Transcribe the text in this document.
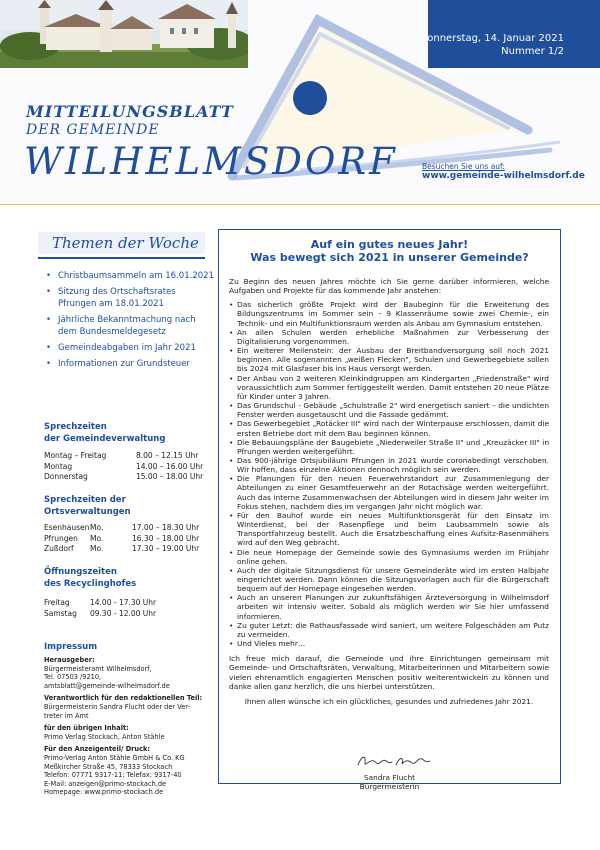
Donnerstag, 14. Januar 2021
Nummer 1/2
MITTEILUNGSBLATT
DER GEMEINDE
WILHELMSDORF	Besuchen Sie uns auf:
www.gemeinde-wilhelmsdorf.de
Themen der Woche
• Christbaumsammeln am 16.01.2021
• Sitzung des Ortschaftsrates Pfrungen am 18.01.2021
• Jährliche Bekanntmachung nach dem Bundesmeldegesetz
• Gemeindeabgaben im Jahr 2021
• Informationen zur Grundsteuer
Sprechzeiten
der Gemeindeverwaltung
Montag – Freitag	8.00 – 12.15 Uhr
Montag	14.00 – 16.00 Uhr
Donnerstag	15.00 – 18.00 Uhr
Sprechzeiten der
Ortsverwaltungen
Esenhausen Mo.	17.00 – 18.30 Uhr
Pfrungen Mo.	16.30 – 18.00 Uhr
Zußdorf Mo.	17.30 – 19.00 Uhr
Öffnungszeiten
des Recyclinghofes
Freitag	14.00 - 17.30 Uhr
Samstag 09.30 - 12.00 Uhr
Impressum
Herausgeber:
Bürgermeisteramt Wilhelmsdorf,
Tel. 07503 /9210,
amtsblatt@gemeinde-wilhelmsdorf.de
Verantwortlich für den redaktionellen Teil:
Bürgermeisterin Sandra Flucht oder der Ver-
treter im Amt
für den übrigen Inhalt:
Primo Verlag Stockach, Anton Stähle
Für den Anzeigenteil/ Druck:
Primo-Verlag Anton Stähle GmbH & Co. KG
Meßkircher Straße 45, 78333 Stockach
Telefon: 07771 9317-11; Telefax: 9317-40
E-Mail: anzeigen@primo-stockach.de
Homepage: www.primo-stockach.de
Auf ein gutes neues Jahr!
Was bewegt sich 2021 in unserer Gemeinde?

Zu Beginn des neuen Jahres möchte ich Sie gerne darüber informieren, welche Aufgaben und Projekte für das kommende Jahr anstehen:

• Das sicherlich größte Projekt wird der Baubeginn für die Erweiterung des Bildungszentrums im Sommer sein – 9 Klassenräume sowie zwei Chemie-, ein Technik- und ein Multifunktionsraum werden als Anbau am Gymnasium entstehen.
• An allen Schulen werden erhebliche Maßnahmen zur Verbesserung der Digitalisierung vorgenommen.
• Ein weiterer Meilenstein: der Ausbau der Breitbandversorgung soll noch 2021 beginnen. Alle sogenannten „weißen Flecken", Schulen und Gewerbegebiete sollen bis 2024 mit Glasfaser bis ins Haus versorgt werden.
• Der Anbau von 2 weiteren Kleinkindgruppen am Kindergarten „Friedenstraße" wird voraussichtlich zum Sommer fertiggestellt werden. Damit entstehen 20 neue Plätze für Kinder unter 3 Jahren.
• Das Grundschul - Gebäude „Schulstraße 2" wird energetisch saniert – die undichten Fenster werden ausgetauscht und die Fassade gedämmt.
• Das Gewerbegebiet „Rotäcker III" wird nach der Winterpause erschlossen, damit die ersten Betriebe dort mit dem Bau beginnen können.
• Die Bebauungspläne der Baugebiete „Niederweiler Straße II" und „Kreuzäcker III" in Pfrungen werden weitergeführt.
• Das 900-jährige Ortsjubiläum Pfrungen in 2021 wurde coronabedingt verschoben. Wir hoffen, dass einzelne Aktionen dennoch möglich sein werden.
• Die Planungen für den neuen Feuerwehrstandort zur Zusammenlegung der Abteilungen zu einer Gesamtfeuerwehr an der Rotachsäge werden weitergeführt. Auch das interne Zusammenwachsen der Abteilungen wird in diesem Jahr weiter im Fokus stehen, nachdem dies im vergangen Jahr nicht möglich war.
• Für den Bauhof wurde ein neues Multifunktionsgerät für den Einsatz im Winterdienst, bei der Rasenpflege und beim Laubsammeln sowie als Transportfahrzeug bestellt. Auch die Ersatzbeschaffung eines Aufsitz-Rasenmähers wird auf den Weg gebracht.
• Die neue Homepage der Gemeinde sowie des Gymnasiums werden im Frühjahr online gehen.
• Auch der digitale Sitzungsdienst für unsere Gemeinderäte wird im ersten Halbjahr eingerichtet werden. Dann können die Sitzungsvorlagen auch für die Bürgerschaft bequem auf der Homepage eingesehen werden.
• Auch an unseren Planungen zur zukunftsfähigen Ärzteversorgung in Wilhelmsdorf arbeiten wir intensiv weiter. Sobald als möglich werden wir Sie hier umfassend informieren.
• Zu guter Letzt: die Rathausfassade wird saniert, um weitere Folgeschäden am Putz zu vermeiden.
• Und Vieles mehr…

Ich freue mich darauf, die Gemeinde und ihre Einrichtungen gemeinsam mit Gemeinde- und Ortschaftsräten, Verwaltung, Mitarbeiterinnen und Mitarbeitern sowie vielen ehrenamtlich engagierten Menschen positiv weiterentwickeln zu können und danke allen ganz herzlich, die uns hierbei unterstützen.

Ihnen allen wünsche ich ein glückliches, gesundes und zufriedenes Jahr 2021.

Sandra Flucht
Bürgermeisterin
